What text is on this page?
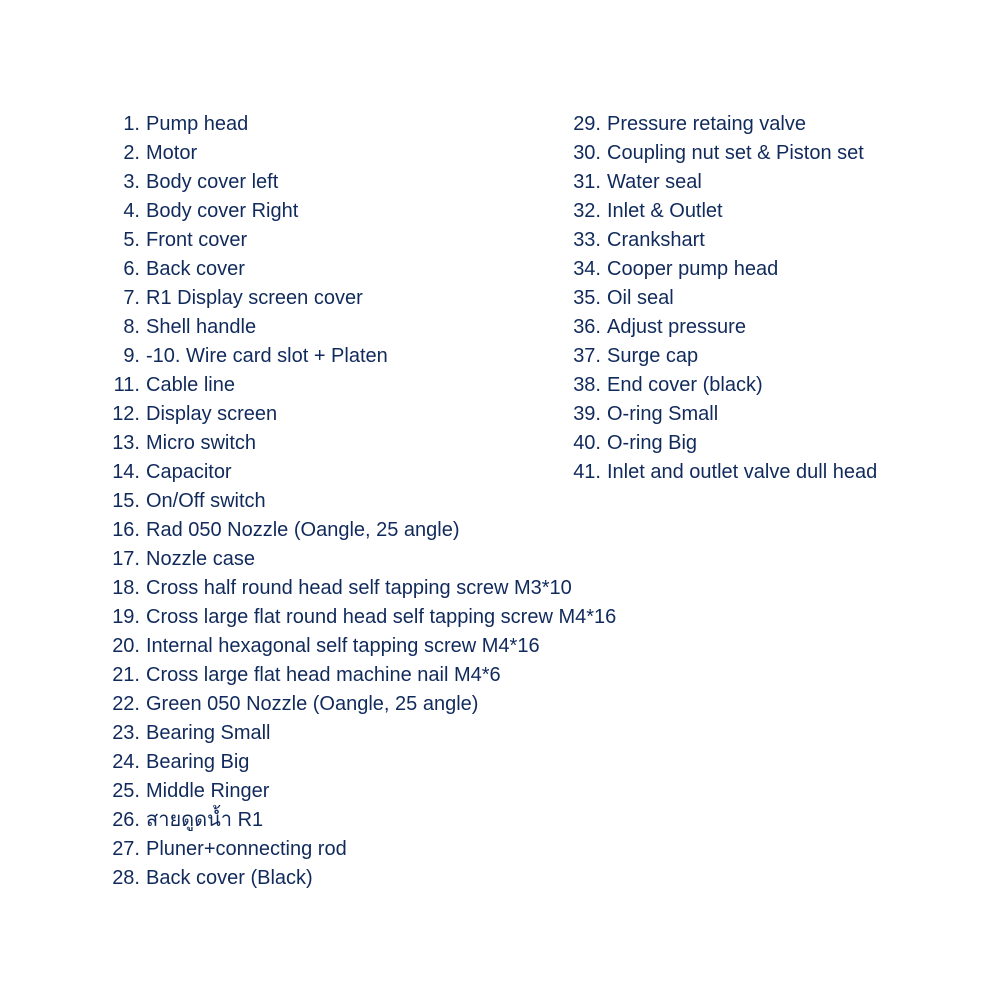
1. Pump head
2. Motor
3. Body cover left
4. Body cover Right
5. Front cover
6. Back cover
7. R1 Display screen cover
8. Shell handle
9. -10. Wire card slot + Platen
11. Cable line
12. Display screen
13. Micro switch
14. Capacitor
15. On/Off switch
16. Rad 050 Nozzle (Oangle, 25 angle)
17. Nozzle case
18. Cross half round head self tapping screw M3*10
19. Cross large flat round head self tapping screw M4*16
20. Internal hexagonal self tapping screw M4*16
21. Cross large flat head machine nail M4*6
22. Green 050 Nozzle (Oangle, 25 angle)
23. Bearing Small
24. Bearing Big
25. Middle Ringer
26. สายดูดน้ำ R1
27. Pluner+connecting rod
28. Back cover (Black)
29. Pressure retaing valve
30. Coupling nut set & Piston set
31. Water seal
32. Inlet & Outlet
33. Crankshart
34. Cooper pump head
35. Oil seal
36. Adjust pressure
37. Surge cap
38. End cover (black)
39. O-ring Small
40. O-ring Big
41. Inlet and outlet valve dull head
